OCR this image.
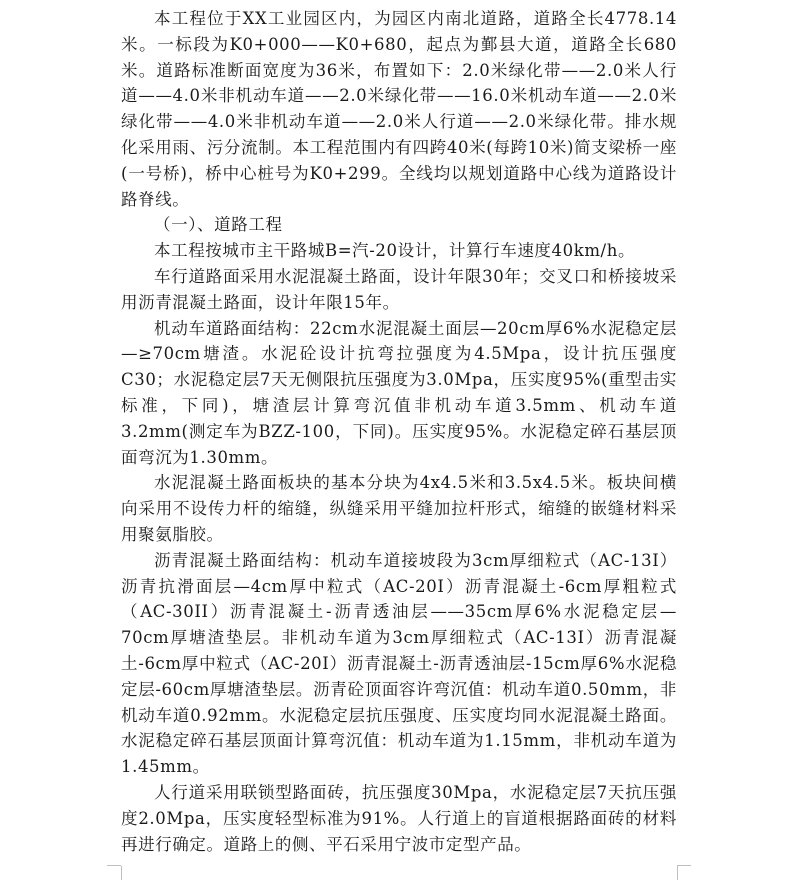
本工程位于XX工业园区内，为园区内南北道路，道路全长4778.14米。一标段为K0+000——K0+680，起点为鄞县大道，道路全长680米。道路标准断面宽度为36米，布置如下：2.0米绿化带——2.0米人行道——4.0米非机动车道——2.0米绿化带——16.0米机动车道——2.0米绿化带——4.0米非机动车道——2.0米人行道——2.0米绿化带。排水规化采用雨、污分流制。本工程范围内有四跨40米(每跨10米)简支梁桥一座(一号桥)，桥中心桩号为K0+299。全线均以规划道路中心线为道路设计路脊线。

（一）、道路工程

本工程按城市主干路城B=汽-20设计，计算行车速度40km/h。

车行道路面采用水泥混凝土路面，设计年限30年；交叉口和桥接坡采用沥青混凝土路面，设计年限15年。

机动车道路面结构：22cm水泥混凝土面层—20cm厚6%水泥稳定层—≥70cm塘渣。水泥砼设计抗弯拉强度为4.5Mpa，设计抗压强度C30；水泥稳定层7天无侧限抗压强度为3.0Mpa，压实度95%(重型击实标准，下同)，塘渣层计算弯沉值非机动车道3.5mm、机动车道3.2mm(测定车为BZZ-100，下同)。压实度95%。水泥稳定碎石基层顶面弯沉为1.30mm。

水泥混凝土路面板块的基本分块为4x4.5米和3.5x4.5米。板块间横向采用不设传力杆的缩缝，纵缝采用平缝加拉杆形式，缩缝的嵌缝材料采用聚氨脂胶。

沥青混凝土路面结构：机动车道接坡段为3cm厚细粒式（AC-13I）沥青抗滑面层—4cm厚中粒式（AC-20I）沥青混凝土-6cm厚粗粒式（AC-30II）沥青混凝土-沥青透油层——35cm厚6%水泥稳定层—70cm厚塘渣垫层。非机动车道为3cm厚细粒式（AC-13I）沥青混凝土-6cm厚中粒式（AC-20I）沥青混凝土-沥青透油层-15cm厚6%水泥稳定层-60cm厚塘渣垫层。沥青砼顶面容许弯沉值：机动车道0.50mm，非机动车道0.92mm。水泥稳定层抗压强度、压实度均同水泥混凝土路面。水泥稳定碎石基层顶面计算弯沉值：机动车道为1.15mm，非机动车道为1.45mm。

人行道采用联锁型路面砖，抗压强度30Mpa，水泥稳定层7天抗压强度2.0Mpa，压实度轻型标准为91%。人行道上的盲道根据路面砖的材料再进行确定。道路上的侧、平石采用宁波市定型产品。
